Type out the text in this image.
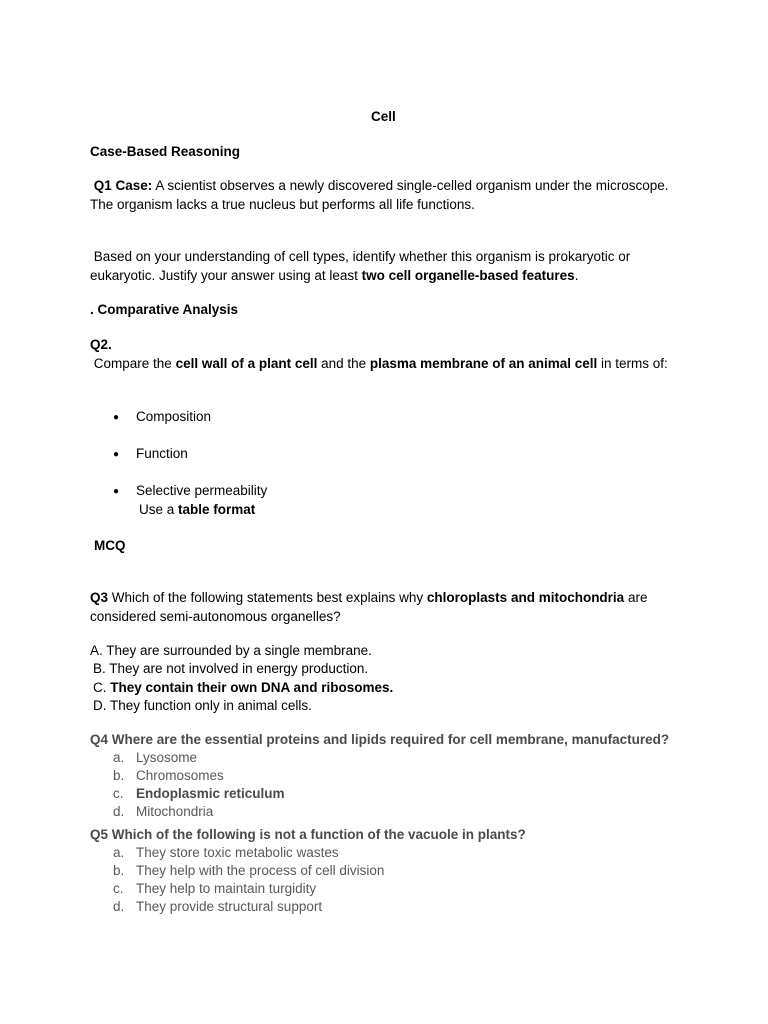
Cell
Case-Based Reasoning
Q1 Case: A scientist observes a newly discovered single-celled organism under the microscope. The organism lacks a true nucleus but performs all life functions.
Based on your understanding of cell types, identify whether this organism is prokaryotic or eukaryotic. Justify your answer using at least two cell organelle-based features.
. Comparative Analysis
Q2.
Compare the cell wall of a plant cell and the plasma membrane of an animal cell in terms of:
● Composition
● Function
● Selective permeability
Use a table format
MCQ
Q3 Which of the following statements best explains why chloroplasts and mitochondria are considered semi-autonomous organelles?
A. They are surrounded by a single membrane.
B. They are not involved in energy production.
C. They contain their own DNA and ribosomes.
D. They function only in animal cells.
Q4 Where are the essential proteins and lipids required for cell membrane, manufactured?
a. Lysosome
b. Chromosomes
c. Endoplasmic reticulum
d. Mitochondria
Q5 Which of the following is not a function of the vacuole in plants?
a. They store toxic metabolic wastes
b. They help with the process of cell division
c. They help to maintain turgidity
d. They provide structural support
